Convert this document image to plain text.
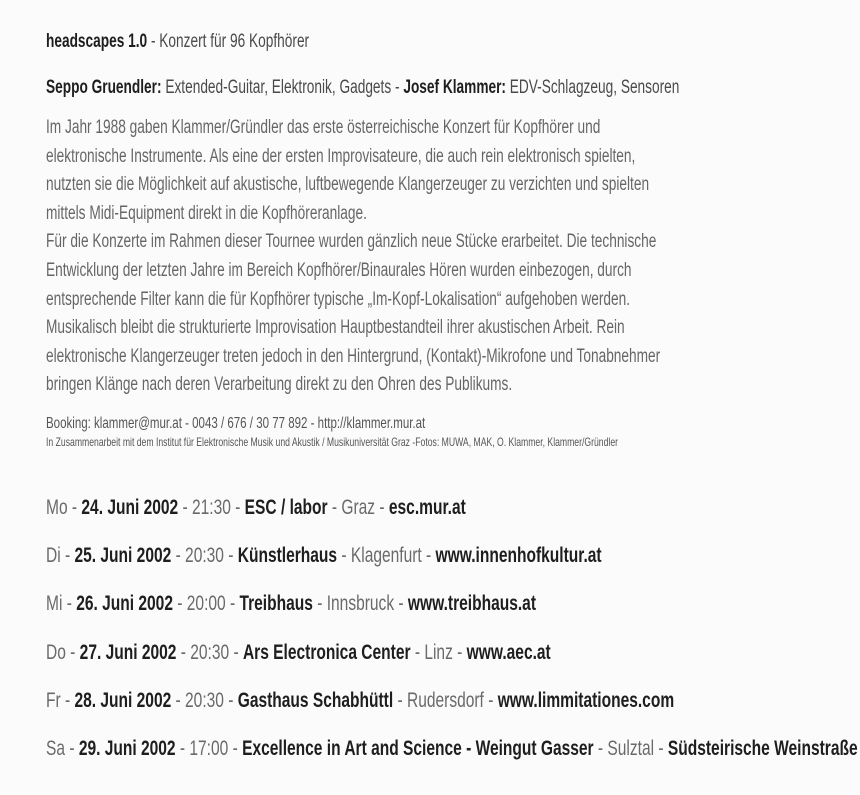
headscapes 1.0 - Konzert für 96 Kopfhörer
Seppo Gruendler: Extended-Guitar, Elektronik, Gadgets - Josef Klammer: EDV-Schlagzeug, Sensoren
Im Jahr 1988 gaben Klammer/Gründler das erste österreichische Konzert für Kopfhörer und
elektronische Instrumente. Als eine der ersten Improvisateure, die auch rein elektronisch spielten,
nutzten sie die Möglichkeit auf akustische, luftbewegende Klangerzeuger zu verzichten und spielten
mittels Midi-Equipment direkt in die Kopfhöreranlage.
Für die Konzerte im Rahmen dieser Tournee wurden gänzlich neue Stücke erarbeitet. Die technische
Entwicklung der letzten Jahre im Bereich Kopfhörer/Binaurales Hören wurden einbezogen, durch
entsprechende Filter kann die für Kopfhörer typische „Im-Kopf-Lokalisation“ aufgehoben werden.
Musikalisch bleibt die strukturierte Improvisation Hauptbestandteil ihrer akustischen Arbeit. Rein
elektronische Klangerzeuger treten jedoch in den Hintergrund, (Kontakt)-Mikrofone und Tonabnehmer
bringen Klänge nach deren Verarbeitung direkt zu den Ohren des Publikums.
Booking: klammer@mur.at - 0043 / 676 / 30 77 892 - http://klammer.mur.at
In Zusammenarbeit mit dem Institut für Elektronische Musik und Akustik / Musikuniversität Graz -Fotos: MUWA, MAK, O. Klammer, Klammer/Gründler
Mo - 24. Juni 2002 - 21:30 - ESC / labor - Graz - esc.mur.at
Di - 25. Juni 2002 - 20:30 - Künstlerhaus - Klagenfurt - www.innenhofkultur.at
Mi - 26. Juni 2002 - 20:00 - Treibhaus - Innsbruck - www.treibhaus.at
Do - 27. Juni 2002 - 20:30 - Ars Electronica Center - Linz - www.aec.at
Fr - 28. Juni 2002 - 20:30 - Gasthaus Schabhüttl - Rudersdorf - www.limmitationes.com
Sa - 29. Juni 2002 - 17:00 - Excellence in Art and Science - Weingut Gasser - Sulztal - Südsteirische Weinstraße
